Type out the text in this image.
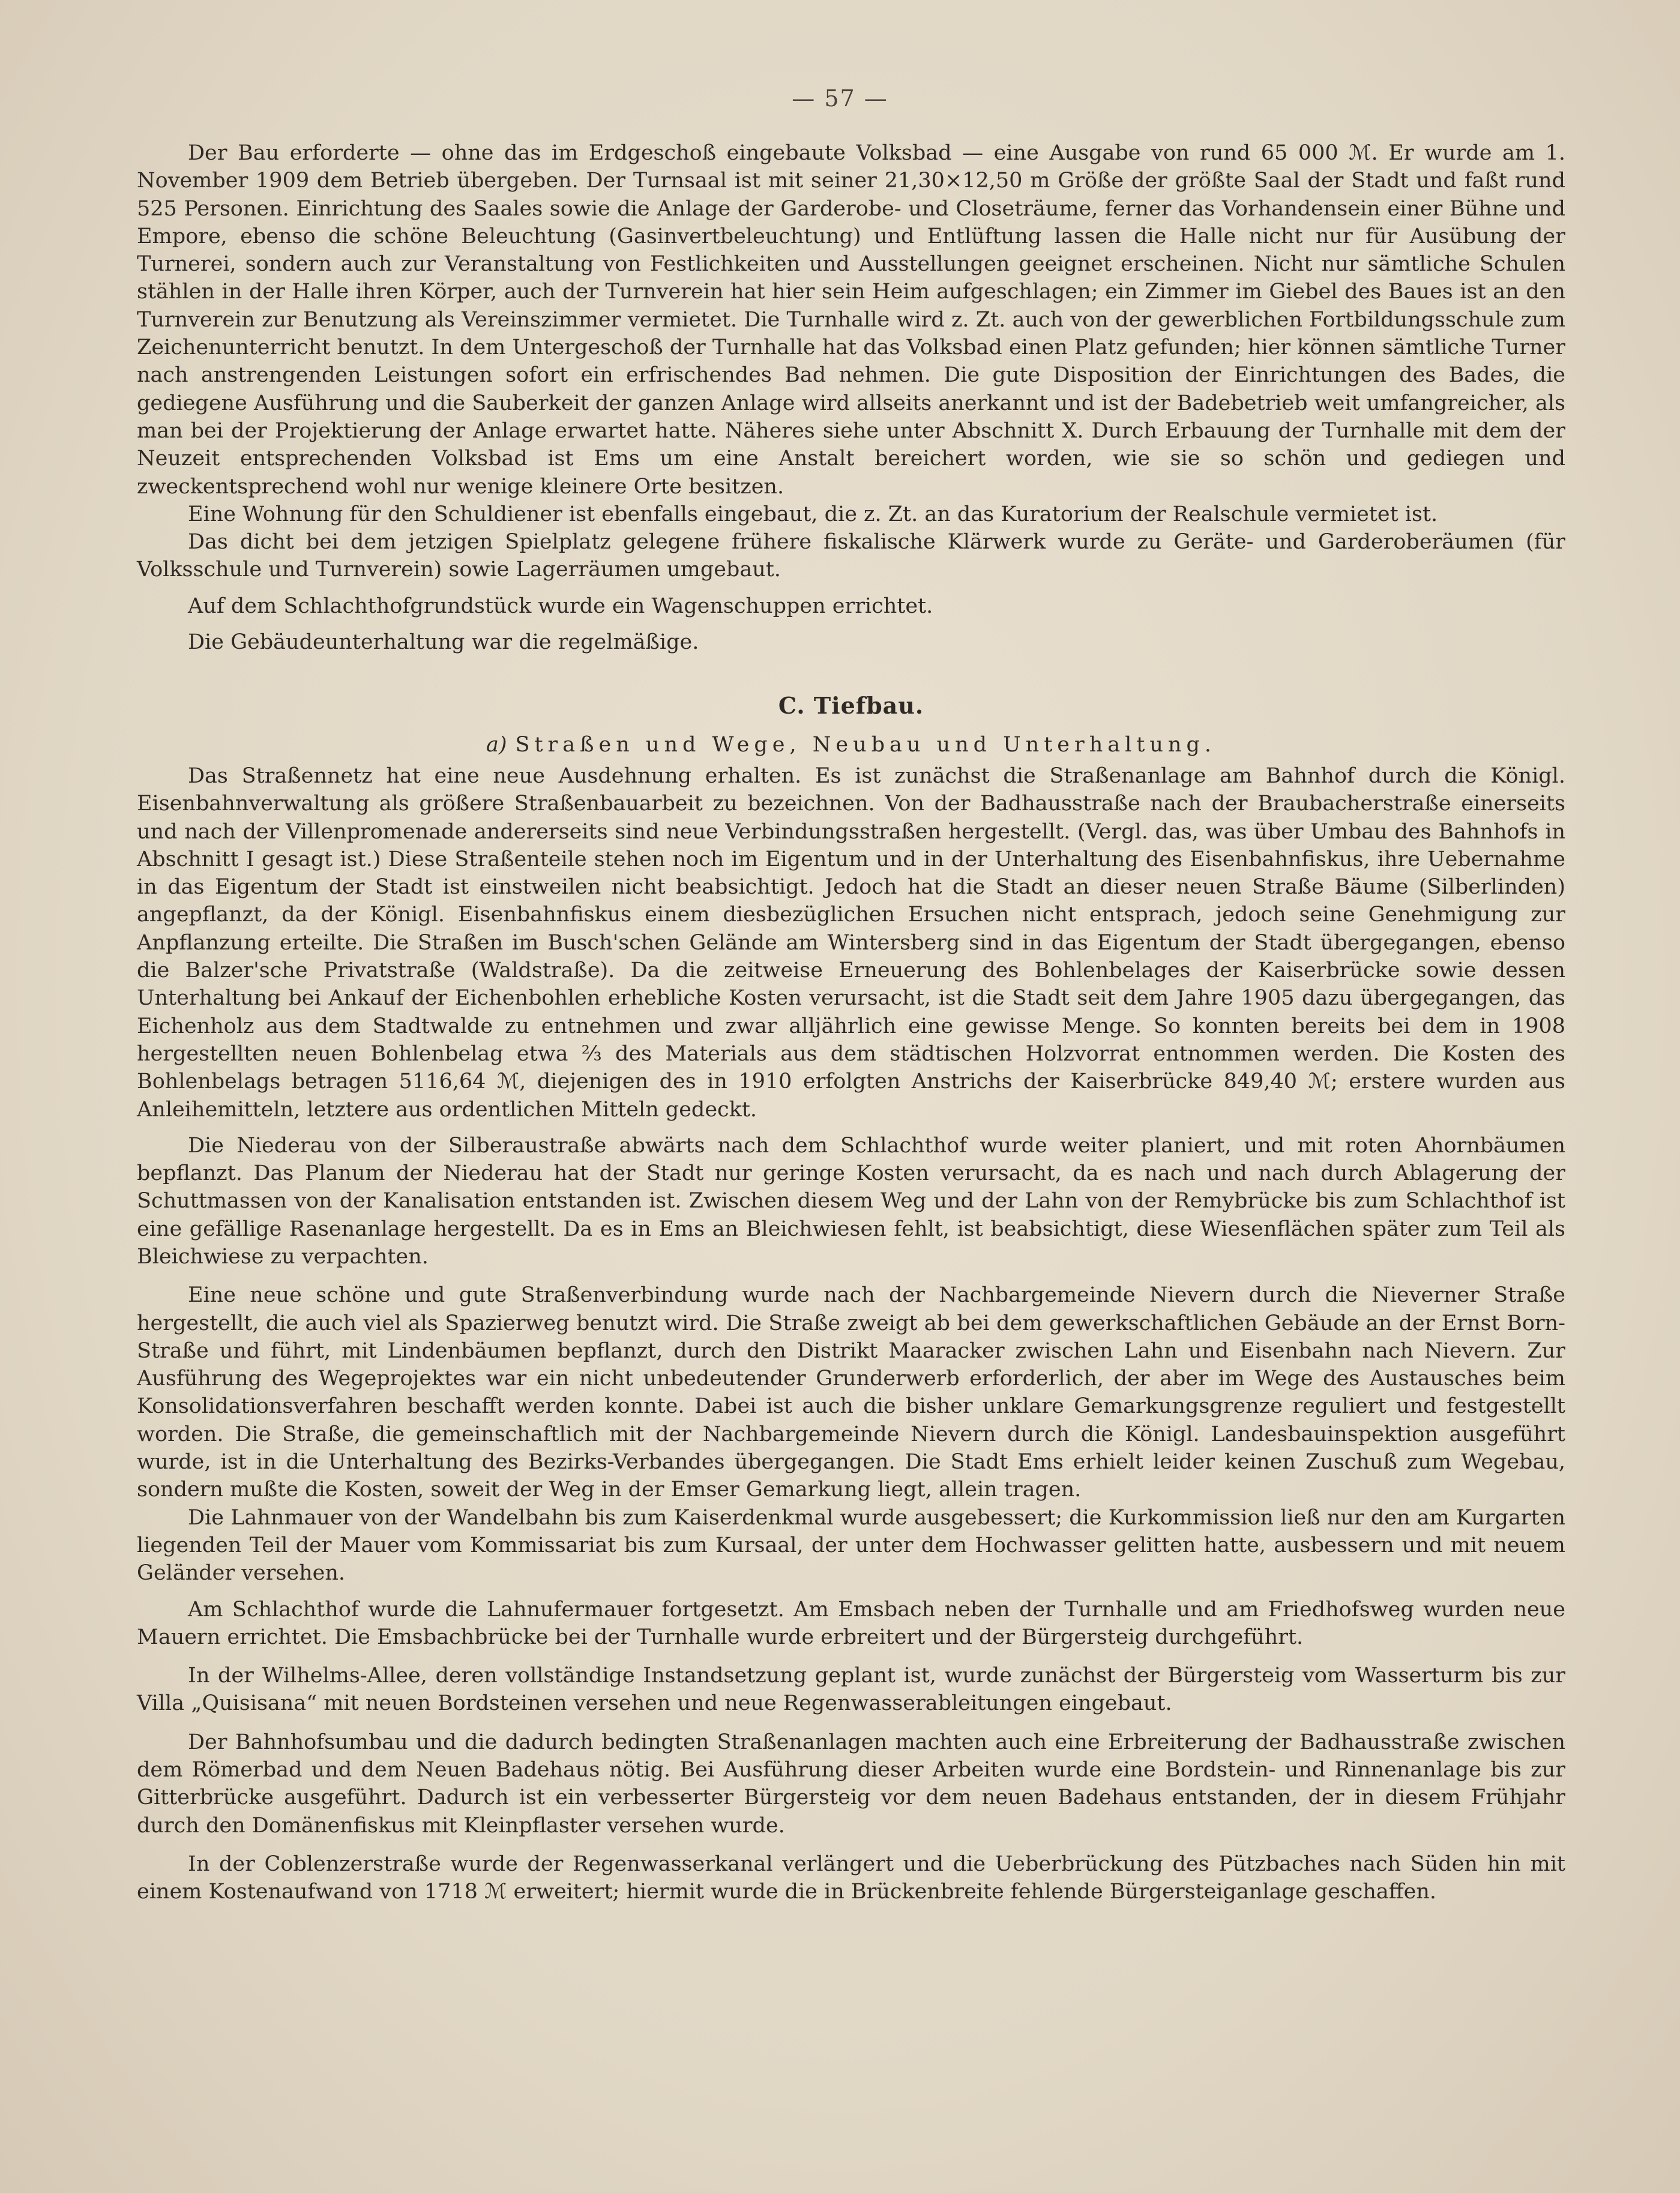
— 57 —

Der Bau erforderte — ohne das im Erdgeschoß eingebaute Volksbad — eine Ausgabe von rund 65 000 ℳ. Er wurde am 1. November 1909 dem Betrieb übergeben. Der Turnsaal ist mit seiner 21,30×12,50 m Größe der größte Saal der Stadt und faßt rund 525 Personen. Einrichtung des Saales sowie die Anlage der Garderobe- und Closeträume, ferner das Vorhandensein einer Bühne und Empore, ebenso die schöne Beleuchtung (Gasinvertbeleuchtung) und Entlüftung lassen die Halle nicht nur für Ausübung der Turnerei, sondern auch zur Veranstaltung von Festlichkeiten und Ausstellungen geeignet erscheinen. Nicht nur sämtliche Schulen stählen in der Halle ihren Körper, auch der Turnverein hat hier sein Heim aufgeschlagen; ein Zimmer im Giebel des Baues ist an den Turnverein zur Benutzung als Vereinszimmer vermietet. Die Turnhalle wird z. Zt. auch von der gewerblichen Fortbildungsschule zum Zeichenunterricht benutzt. In dem Untergeschoß der Turnhalle hat das Volksbad einen Platz gefunden; hier können sämtliche Turner nach anstrengenden Leistungen sofort ein erfrischendes Bad nehmen. Die gute Disposition der Einrichtungen des Bades, die gediegene Ausführung und die Sauberkeit der ganzen Anlage wird allseits anerkannt und ist der Badebetrieb weit umfangreicher, als man bei der Projektierung der Anlage erwartet hatte. Näheres siehe unter Abschnitt X. Durch Erbauung der Turnhalle mit dem der Neuzeit entsprechenden Volksbad ist Ems um eine Anstalt bereichert worden, wie sie so schön und gediegen und zweckentsprechend wohl nur wenige kleinere Orte besitzen.

Eine Wohnung für den Schuldiener ist ebenfalls eingebaut, die z. Zt. an das Kuratorium der Realschule vermietet ist.

Das dicht bei dem jetzigen Spielplatz gelegene frühere fiskalische Klärwerk wurde zu Geräte- und Garderoberäumen (für Volksschule und Turnverein) sowie Lagerräumen umgebaut.

Auf dem Schlachthofgrundstück wurde ein Wagenschuppen errichtet.

Die Gebäudeunterhaltung war die regelmäßige.

C. Tiefbau.
a) Straßen und Wege, Neubau und Unterhaltung.

Das Straßennetz hat eine neue Ausdehnung erhalten. Es ist zunächst die Straßenanlage am Bahnhof durch die Königl. Eisenbahnverwaltung als größere Straßenbauarbeit zu bezeichnen. Von der Badhausstraße nach der Braubacherstraße einerseits und nach der Villenpromenade andererseits sind neue Verbindungsstraßen hergestellt. (Vergl. das, was über Umbau des Bahnhofs in Abschnitt I gesagt ist.) Diese Straßenteile stehen noch im Eigentum und in der Unterhaltung des Eisenbahnfiskus, ihre Uebernahme in das Eigentum der Stadt ist einstweilen nicht beabsichtigt. Jedoch hat die Stadt an dieser neuen Straße Bäume (Silberlinden) angepflanzt, da der Königl. Eisenbahnfiskus einem diesbezüglichen Ersuchen nicht entsprach, jedoch seine Genehmigung zur Anpflanzung erteilte. Die Straßen im Busch'schen Gelände am Wintersberg sind in das Eigentum der Stadt übergegangen, ebenso die Balzer'sche Privatstraße (Waldstraße). Da die zeitweise Erneuerung des Bohlenbelages der Kaiserbrücke sowie dessen Unterhaltung bei Ankauf der Eichenbohlen erhebliche Kosten verursacht, ist die Stadt seit dem Jahre 1905 dazu übergegangen, das Eichenholz aus dem Stadtwalde zu entnehmen und zwar alljährlich eine gewisse Menge. So konnten bereits bei dem in 1908 hergestellten neuen Bohlenbelag etwa ⅔ des Materials aus dem städtischen Holzvorrat entnommen werden. Die Kosten des Bohlenbelags betragen 5116,64 ℳ, diejenigen des in 1910 erfolgten Anstrichs der Kaiserbrücke 849,40 ℳ; erstere wurden aus Anleihemitteln, letztere aus ordentlichen Mitteln gedeckt.

Die Niederau von der Silberaustraße abwärts nach dem Schlachthof wurde weiter planiert, und mit roten Ahornbäumen bepflanzt. Das Planum der Niederau hat der Stadt nur geringe Kosten verursacht, da es nach und nach durch Ablagerung der Schuttmassen von der Kanalisation entstanden ist. Zwischen diesem Weg und der Lahn von der Remybrücke bis zum Schlachthof ist eine gefällige Rasenanlage hergestellt. Da es in Ems an Bleichwiesen fehlt, ist beabsichtigt, diese Wiesenflächen später zum Teil als Bleichwiese zu verpachten.

Eine neue schöne und gute Straßenverbindung wurde nach der Nachbargemeinde Nievern durch die Nieverner Straße hergestellt, die auch viel als Spazierweg benutzt wird. Die Straße zweigt ab bei dem gewerkschaftlichen Gebäude an der Ernst Born-Straße und führt, mit Lindenbäumen bepflanzt, durch den Distrikt Maaracker zwischen Lahn und Eisenbahn nach Nievern. Zur Ausführung des Wegeprojektes war ein nicht unbedeutender Grunderwerb erforderlich, der aber im Wege des Austausches beim Konsolidationsverfahren beschafft werden konnte. Dabei ist auch die bisher unklare Gemarkungsgrenze reguliert und festgestellt worden. Die Straße, die gemeinschaftlich mit der Nachbargemeinde Nievern durch die Königl. Landesbauinspektion ausgeführt wurde, ist in die Unterhaltung des Bezirks-Verbandes übergegangen. Die Stadt Ems erhielt leider keinen Zuschuß zum Wegebau, sondern mußte die Kosten, soweit der Weg in der Emser Gemarkung liegt, allein tragen.

Die Lahnmauer von der Wandelbahn bis zum Kaiserdenkmal wurde ausgebessert; die Kurkommission ließ nur den am Kurgarten liegenden Teil der Mauer vom Kommissariat bis zum Kursaal, der unter dem Hochwasser gelitten hatte, ausbessern und mit neuem Geländer versehen.

Am Schlachthof wurde die Lahnufermauer fortgesetzt. Am Emsbach neben der Turnhalle und am Friedhofsweg wurden neue Mauern errichtet. Die Emsbachbrücke bei der Turnhalle wurde erbreitert und der Bürgersteig durchgeführt.

In der Wilhelms-Allee, deren vollständige Instandsetzung geplant ist, wurde zunächst der Bürgersteig vom Wasserturm bis zur Villa „Quisisana“ mit neuen Bordsteinen versehen und neue Regenwasserableitungen eingebaut.

Der Bahnhofsumbau und die dadurch bedingten Straßenanlagen machten auch eine Erbreiterung der Badhausstraße zwischen dem Römerbad und dem Neuen Badehaus nötig. Bei Ausführung dieser Arbeiten wurde eine Bordstein- und Rinnenanlage bis zur Gitterbrücke ausgeführt. Dadurch ist ein verbesserter Bürgersteig vor dem neuen Badehaus entstanden, der in diesem Frühjahr durch den Domänenfiskus mit Kleinpflaster versehen wurde.

In der Coblenzerstraße wurde der Regenwasserkanal verlängert und die Ueberbrückung des Pützbaches nach Süden hin mit einem Kostenaufwand von 1718 ℳ erweitert; hiermit wurde die in Brückenbreite fehlende Bürgersteiganlage geschaffen.
